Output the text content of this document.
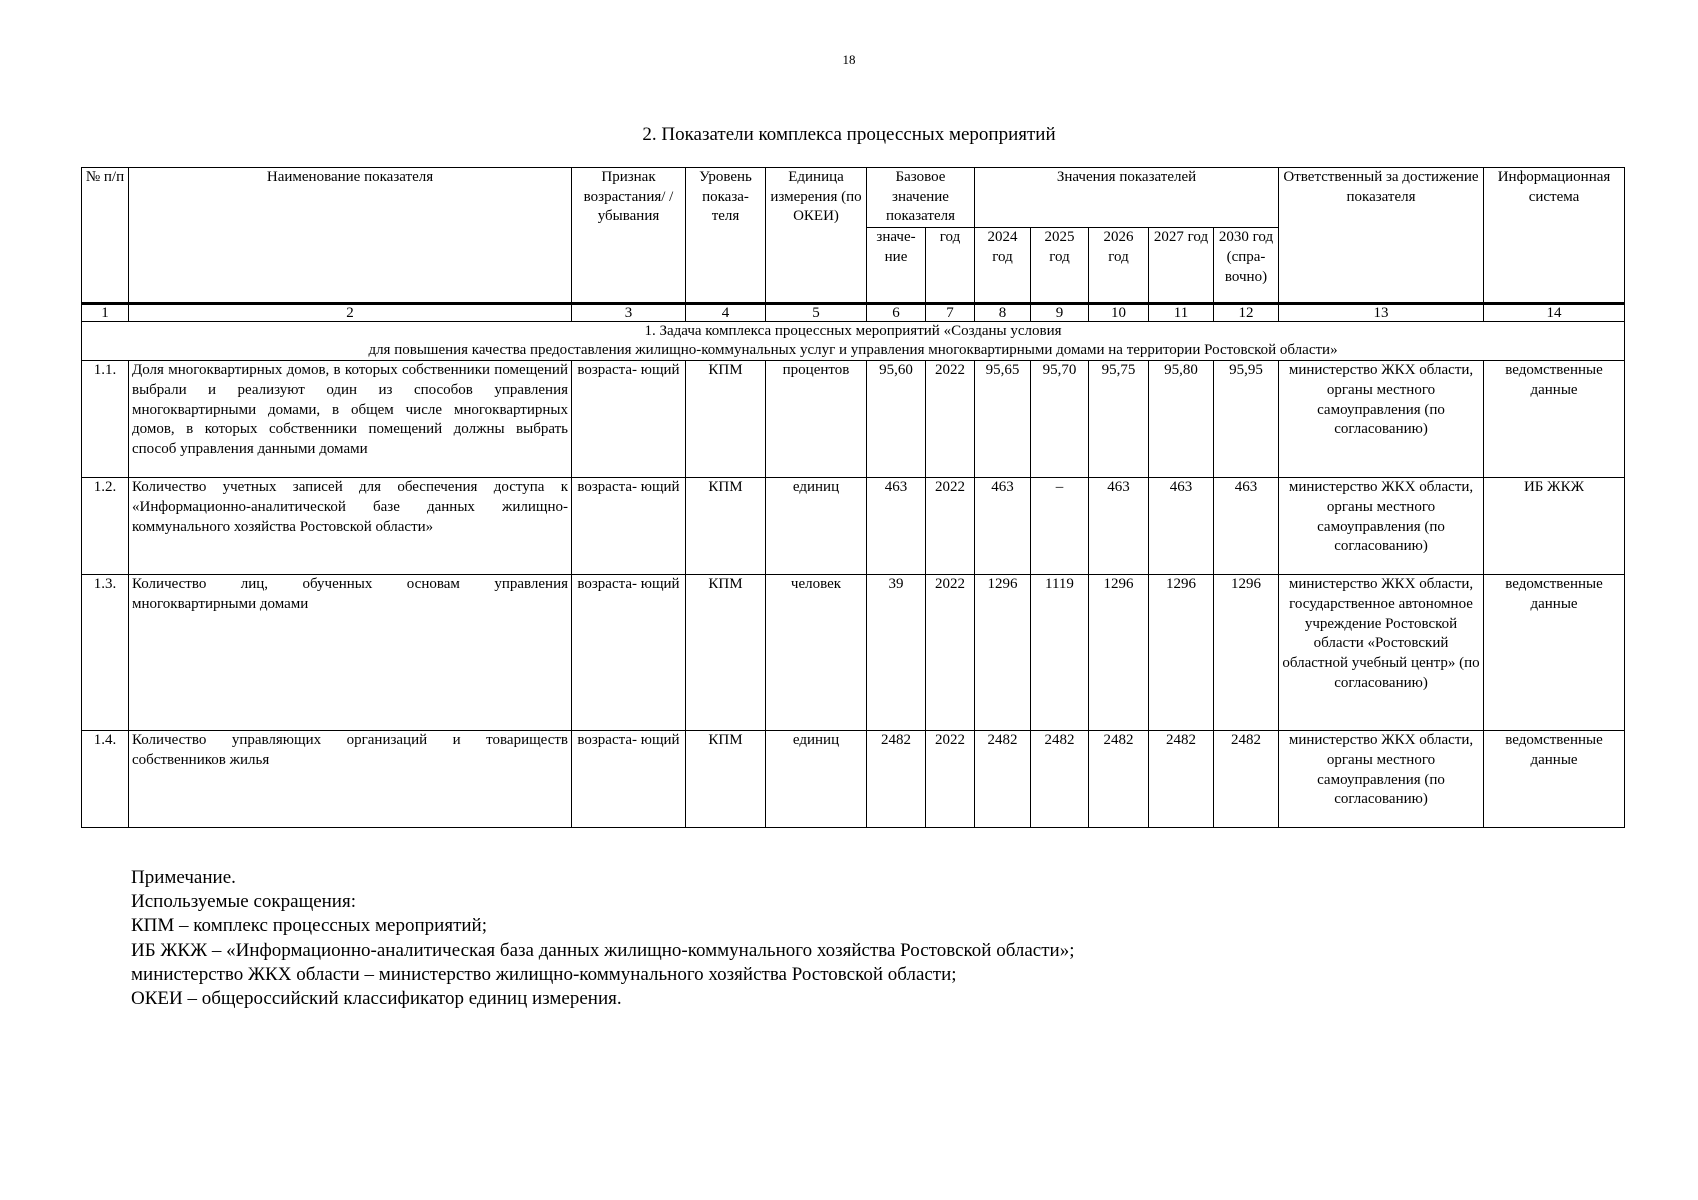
18
2. Показатели комплекса процессных мероприятий
№ п/п	Наименование показателя	Признак возрастания/ /убывания	Уровень показа- теля	Единица измерения (по ОКЕИ)	Базовое значение показателя		Значения показателей					Ответственный за достижение показателя	Информационная система
					значе- ние	год	2024 год	2025 год	2026 год	2027 год	2030 год (спра- вочно)		
1	2	3	4	5	6	7	8	9	10	11	12	13	14

1. Задача комплекса процессных мероприятий «Созданы условия
для повышения качества предоставления жилищно-коммунальных услуг и управления многоквартирными домами на территории Ростовской области»													

1.1.	Доля многоквартирных домов, в которых собственники помещений выбрали и реализуют один из способов управления многоквартирными домами, в общем числе многоквартирных домов, в которых собственники помещений должны выбрать способ управления данными домами	возраста- ющий	КПМ	процентов	95,60	2022	95,65	95,70	95,75	95,80	95,95	министерство ЖКХ области, органы местного самоуправления (по согласованию)	ведомственные данные
1.2.	Количество учетных записей для обеспечения доступа к «Информационно-аналитической базе данных жилищно-коммунального хозяйства Ростовской области»	возраста- ющий	КПМ	единиц	463	2022	463	–	463	463	463	министерство ЖКХ области, органы местного самоуправления (по согласованию)	ИБ ЖКЖ
1.3.	Количество лиц, обученных основам управления многоквартирными домами	возраста- ющий	КПМ	человек	39	2022	1296	1119	1296	1296	1296	министерство ЖКХ области, государственное автономное учреждение Ростовской области «Ростовский областной учебный центр» (по согласованию)	ведомственные данные
1.4.	Количество управляющих организаций и товариществ собственников жилья	возраста- ющий	КПМ	единиц	2482	2022	2482	2482	2482	2482	2482	министерство ЖКХ области, органы местного самоуправления (по согласованию)	ведомственные данные
Примечание.
Используемые сокращения:
КПМ – комплекс процессных мероприятий;
ИБ ЖКЖ – «Информационно-аналитическая база данных жилищно-коммунального хозяйства Ростовской области»;
министерство ЖКХ области – министерство жилищно-коммунального хозяйства Ростовской области;
ОКЕИ – общероссийский классификатор единиц измерения.
